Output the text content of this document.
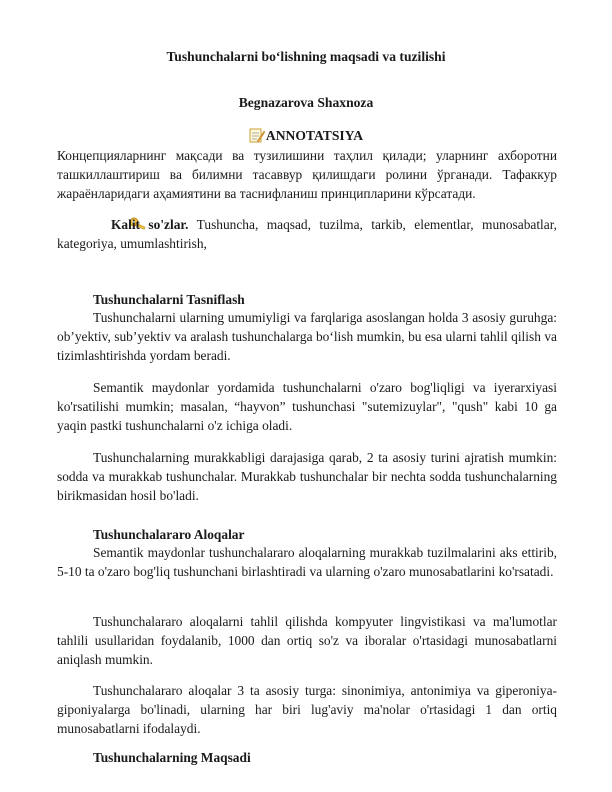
Tushunchalarni bo‘lishning maqsadi va tuzilishi
Begnazarova Shaxnoza
ANNOTATSIYA

Концепцияларнинг мақсади ва тузилишини таҳлил қилади; уларнинг ахборотни ташкиллаштириш ва билимни тасаввур қилишдаги ролини ўрганади. Тафаккур жараёнларидаги аҳамиятини ва таснифланиш принципларини кўрсатади.

Kalit so'zlar. Tushuncha, maqsad, tuzilma, tarkib, elementlar, munosabatlar, kategoriya, umumlashtirish,

Tushunchalarni Tasniflash

Tushunchalarni ularning umumiyligi va farqlariga asoslangan holda 3 asosiy guruhga: ob’yektiv, sub’yektiv va aralash tushunchalarga bo‘lish mumkin, bu esa ularni tahlil qilish va tizimlashtirishda yordam beradi.

Semantik maydonlar yordamida tushunchalarni o'zaro bog'liqligi va iyerarxiyasi ko'rsatilishi mumkin; masalan, “hayvon” tushunchasi "sutemizuylar", "qush" kabi 10 ga yaqin pastki tushunchalarni o'z ichiga oladi.

Tushunchalarning murakkabligi darajasiga qarab, 2 ta asosiy turini ajratish mumkin: sodda va murakkab tushunchalar. Murakkab tushunchalar bir nechta sodda tushunchalarning birikmasidan hosil bo'ladi.

Tushunchalararo Aloqalar

Semantik maydonlar tushunchalararo aloqalarning murakkab tuzilmalarini aks ettirib, 5-10 ta o'zaro bog'liq tushunchani birlashtiradi va ularning o'zaro munosabatlarini ko'rsatadi.

Tushunchalararo aloqalarni tahlil qilishda kompyuter lingvistikasi va ma'lumotlar tahlili usullaridan foydalanib, 1000 dan ortiq so'z va iboralar o'rtasidagi munosabatlarni aniqlash mumkin.

Tushunchalararo aloqalar 3 ta asosiy turga: sinonimiya, antonimiya va giperoniya-giponiyalarga bo'linadi, ularning har biri lug'aviy ma'nolar o'rtasidagi 1 dan ortiq munosabatlarni ifodalaydi.

Tushunchalarning Maqsadi
